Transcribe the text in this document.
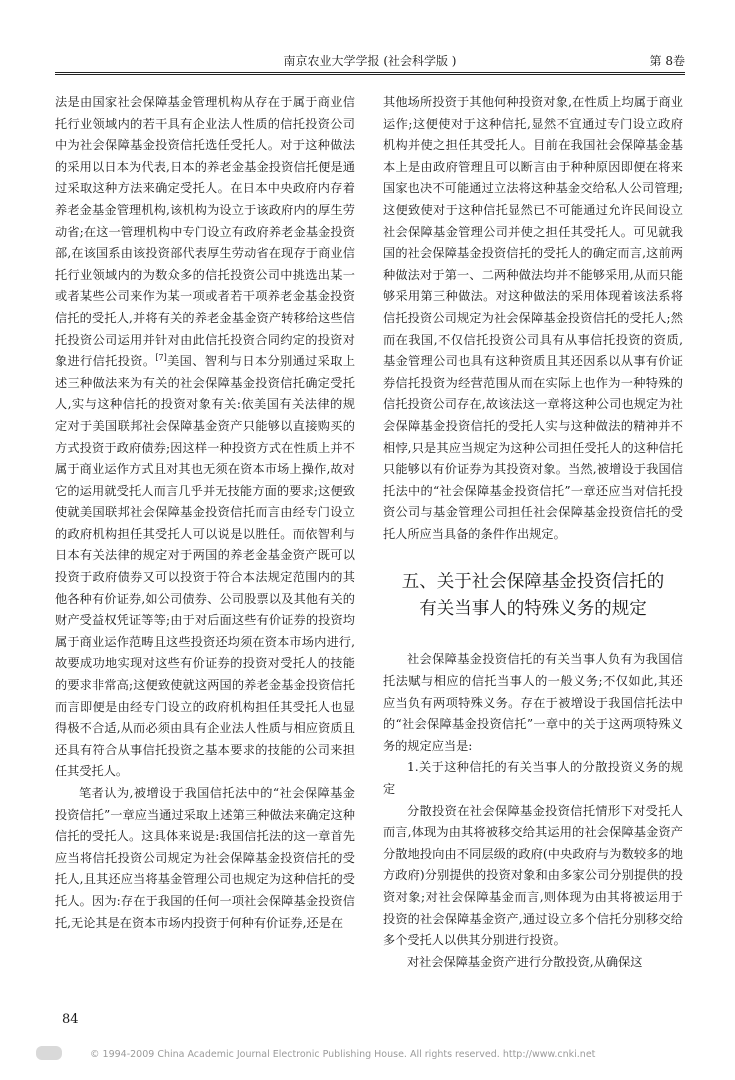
南京农业大学学报 (社会科学版 )	第 8卷

法是由国家社会保障基金管理机构从存在于属于商业信托行业领域内的若干具有企业法人性质的信托投资公司中为社会保障基金投资信托选任受托人。对于这种做法的采用以日本为代表,日本的养老金基金投资信托便是通过采取这种方法来确定受托人。在日本中央政府内存着养老金基金管理机构,该机构为设立于该政府内的厚生劳动省;在这一管理机构中专门设立有政府养老金基金投资部,在该国系由该投资部代表厚生劳动省在现存于商业信托行业领域内的为数众多的信托投资公司中挑选出某一或者某些公司来作为某一项或者若干项养老金基金投资信托的受托人,并将有关的养老金基金资产转移给这些信托投资公司运用并针对由此信托投资合同约定的投资对象进行信托投资。[7]美国、智利与日本分别通过采取上述三种做法来为有关的社会保障基金投资信托确定受托人,实与这种信托的投资对象有关:依美国有关法律的规定对于美国联邦社会保障基金资产只能够以直接购买的方式投资于政府债券;因这样一种投资方式在性质上并不属于商业运作方式且对其也无须在资本市场上操作,故对它的运用就受托人而言几乎并无技能方面的要求;这便致使就美国联邦社会保障基金投资信托而言由经专门设立的政府机构担任其受托人可以说是以胜任。而依智利与日本有关法律的规定对于两国的养老金基金资产既可以投资于政府债券又可以投资于符合本法规定范围内的其他各种有价证券,如公司债券、公司股票以及其他有关的财产受益权凭证等等;由于对后面这些有价证券的投资均属于商业运作范畴且这些投资还均须在资本市场内进行,故要成功地实现对这些有价证券的投资对受托人的技能的要求非常高;这便致使就这两国的养老金基金投资信托而言即便是由经专门设立的政府机构担任其受托人也显得极不合适,从而必须由具有企业法人性质与相应资质且还具有符合从事信托投资之基本要求的技能的公司来担任其受托人。

笔者认为,被增设于我国信托法中的“社会保障基金投资信托”一章应当通过采取上述第三种做法来确定这种信托的受托人。这具体来说是:我国信托法的这一章首先应当将信托投资公司规定为社会保障基金投资信托的受托人,且其还应当将基金管理公司也规定为这种信托的受托人。因为:存在于我国的任何一项社会保障基金投资信托,无论其是在资本市场内投资于何种有价证券,还是在

其他场所投资于其他何种投资对象,在性质上均属于商业运作;这便使对于这种信托,显然不宜通过专门设立政府机构并使之担任其受托人。目前在我国社会保障基金基本上是由政府管理且可以断言由于种种原因即便在将来国家也决不可能通过立法将这种基金交给私人公司管理;这便致使对于这种信托显然已不可能通过允许民间设立社会保障基金管理公司并使之担任其受托人。可见就我国的社会保障基金投资信托的受托人的确定而言,这前两种做法对于第一、二两种做法均并不能够采用,从而只能够采用第三种做法。对这种做法的采用体现着该法系将信托投资公司规定为社会保障基金投资信托的受托人;然而在我国,不仅信托投资公司具有从事信托投资的资质,基金管理公司也具有这种资质且其还因系以从事有价证券信托投资为经营范围从而在实际上也作为一种特殊的信托投资公司存在,故该法这一章将这种公司也规定为社会保障基金投资信托的受托人实与这种做法的精神并不相悖,只是其应当规定为这种公司担任受托人的这种信托只能够以有价证券为其投资对象。当然,被增设于我国信托法中的“社会保障基金投资信托”一章还应当对信托投资公司与基金管理公司担任社会保障基金投资信托的受托人所应当具备的条件作出规定。

五、关于社会保障基金投资信托的
有关当事人的特殊义务的规定

社会保障基金投资信托的有关当事人负有为我国信托法赋与相应的信托当事人的一般义务;不仅如此,其还应当负有两项特殊义务。存在于被增设于我国信托法中的“社会保障基金投资信托”一章中的关于这两项特殊义务的规定应当是:

1.关于这种信托的有关当事人的分散投资义务的规定

分散投资在社会保障基金投资信托情形下对受托人而言,体现为由其将被移交给其运用的社会保障基金资产分散地投向由不同层级的政府(中央政府与为数较多的地方政府)分别提供的投资对象和由多家公司分别提供的投资对象;对社会保障基金而言,则体现为由其将被运用于投资的社会保障基金资产,通过设立多个信托分别移交给多个受托人以供其分别进行投资。

对社会保障基金资产进行分散投资,从确保这

84
© 1994-2009 China Academic Journal Electronic Publishing House. All rights reserved. http://www.cnki.net
